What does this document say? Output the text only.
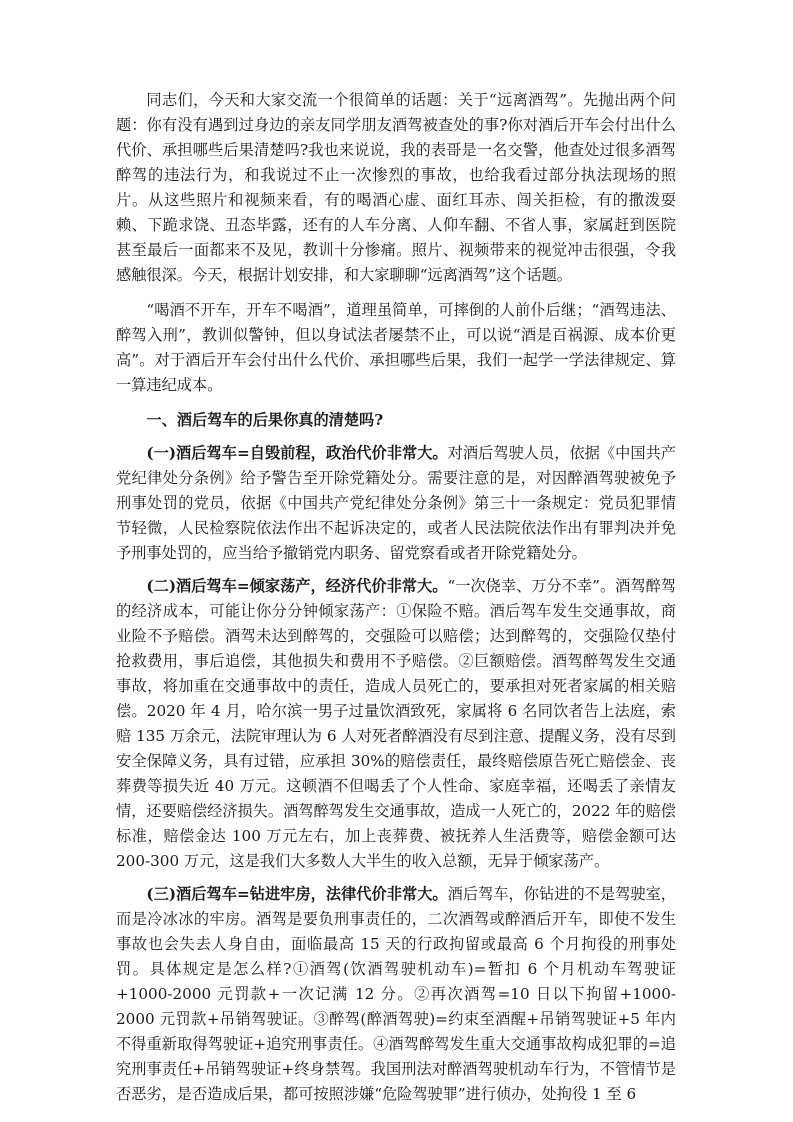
同志们，今天和大家交流一个很简单的话题：关于“远离酒驾”。先抛出两个问题：你有没有遇到过身边的亲友同学朋友酒驾被查处的事?你对酒后开车会付出什么代价、承担哪些后果清楚吗?我也来说说，我的表哥是一名交警，他查处过很多酒驾醉驾的违法行为，和我说过不止一次惨烈的事故，也给我看过部分执法现场的照片。从这些照片和视频来看，有的喝酒心虚、面红耳赤、闯关拒检，有的撒泼耍赖、下跪求饶、丑态毕露，还有的人车分离、人仰车翻、不省人事，家属赶到医院甚至最后一面都来不及见，教训十分惨痛。照片、视频带来的视觉冲击很强，令我感触很深。今天，根据计划安排，和大家聊聊“远离酒驾”这个话题。

“喝酒不开车，开车不喝酒”，道理虽简单，可摔倒的人前仆后继；“酒驾违法、醉驾入刑”，教训似警钟，但以身试法者屡禁不止，可以说“酒是百祸源、成本价更高”。对于酒后开车会付出什么代价、承担哪些后果，我们一起学一学法律规定、算一算违纪成本。

一、酒后驾车的后果你真的清楚吗?

(一)酒后驾车=自毁前程，政治代价非常大。对酒后驾驶人员，依据《中国共产党纪律处分条例》给予警告至开除党籍处分。需要注意的是，对因醉酒驾驶被免予刑事处罚的党员，依据《中国共产党纪律处分条例》第三十一条规定：党员犯罪情节轻微，人民检察院依法作出不起诉决定的，或者人民法院依法作出有罪判决并免予刑事处罚的，应当给予撤销党内职务、留党察看或者开除党籍处分。

(二)酒后驾车=倾家荡产，经济代价非常大。“一次侥幸、万分不幸”。酒驾醉驾的经济成本，可能让你分分钟倾家荡产：①保险不赔。酒后驾车发生交通事故，商业险不予赔偿。酒驾未达到醉驾的，交强险可以赔偿；达到醉驾的，交强险仅垫付抢救费用，事后追偿，其他损失和费用不予赔偿。②巨额赔偿。酒驾醉驾发生交通事故，将加重在交通事故中的责任，造成人员死亡的，要承担对死者家属的相关赔偿。2020 年 4 月，哈尔滨一男子过量饮酒致死，家属将 6 名同饮者告上法庭，索赔 135 万余元，法院审理认为 6 人对死者醉酒没有尽到注意、提醒义务，没有尽到安全保障义务，具有过错，应承担 30%的赔偿责任，最终赔偿原告死亡赔偿金、丧葬费等损失近 40 万元。这顿酒不但喝丢了个人性命、家庭幸福，还喝丢了亲情友情，还要赔偿经济损失。酒驾醉驾发生交通事故，造成一人死亡的，2022 年的赔偿标准，赔偿金达 100 万元左右，加上丧葬费、被抚养人生活费等，赔偿金额可达 200-300 万元，这是我们大多数人大半生的收入总额，无异于倾家荡产。

(三)酒后驾车=钻进牢房，法律代价非常大。酒后驾车，你钻进的不是驾驶室，而是冷冰冰的牢房。酒驾是要负刑事责任的，二次酒驾或醉酒后开车，即使不发生事故也会失去人身自由，面临最高 15 天的行政拘留或最高 6 个月拘役的刑事处罚。具体规定是怎么样?①酒驾(饮酒驾驶机动车)=暂扣 6 个月机动车驾驶证+1000-2000 元罚款+一次记满 12 分。②再次酒驾=10 日以下拘留+1000-2000 元罚款+吊销驾驶证。③醉驾(醉酒驾驶)=约束至酒醒+吊销驾驶证+5 年内不得重新取得驾驶证+追究刑事责任。④酒驾醉驾发生重大交通事故构成犯罪的=追究刑事责任+吊销驾驶证+终身禁驾。我国刑法对醉酒驾驶机动车行为，不管情节是否恶劣，是否造成后果，都可按照涉嫌“危险驾驶罪”进行侦办，处拘役 1 至 6
